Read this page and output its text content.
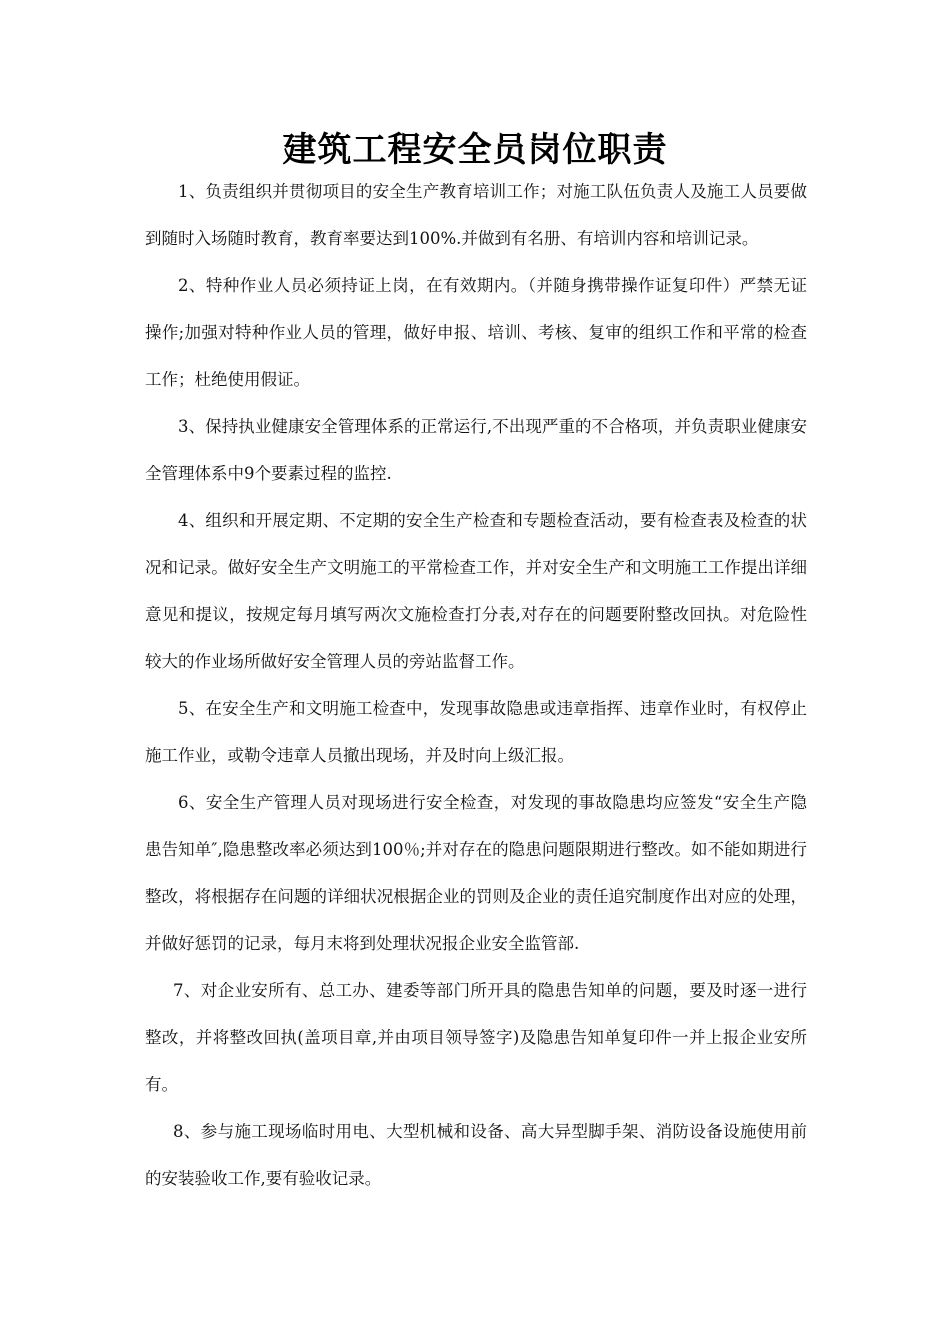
建筑工程安全员岗位职责

1、负责组织并贯彻项目的安全生产教育培训工作；对施工队伍负责人及施工人员要做到随时入场随时教育，教育率要达到100%.并做到有名册、有培训内容和培训记录。

2、特种作业人员必须持证上岗，在有效期内。（并随身携带操作证复印件）严禁无证操作;加强对特种作业人员的管理，做好申报、培训、考核、复审的组织工作和平常的检查工作；杜绝使用假证。

3、保持执业健康安全管理体系的正常运行,不出现严重的不合格项，并负责职业健康安全管理体系中9个要素过程的监控.

4、组织和开展定期、不定期的安全生产检查和专题检查活动，要有检查表及检查的状况和记录。做好安全生产文明施工的平常检查工作，并对安全生产和文明施工工作提出详细意见和提议，按规定每月填写两次文施检查打分表,对存在的问题要附整改回执。对危险性较大的作业场所做好安全管理人员的旁站监督工作。

5、在安全生产和文明施工检查中，发现事故隐患或违章指挥、违章作业时，有权停止施工作业，或勒令违章人员撤出现场，并及时向上级汇报。

6、安全生产管理人员对现场进行安全检查，对发现的事故隐患均应签发“安全生产隐患告知单″,隐患整改率必须达到100％;并对存在的隐患问题限期进行整改。如不能如期进行整改，将根据存在问题的详细状况根据企业的罚则及企业的责任追究制度作出对应的处理，并做好惩罚的记录，每月末将到处理状况报企业安全监管部.

7、对企业安所有、总工办、建委等部门所开具的隐患告知单的问题，要及时逐一进行整改，并将整改回执(盖项目章,并由项目领导签字)及隐患告知单复印件一并上报企业安所有。

8、参与施工现场临时用电、大型机械和设备、高大异型脚手架、消防设备设施使用前的安装验收工作,要有验收记录。
